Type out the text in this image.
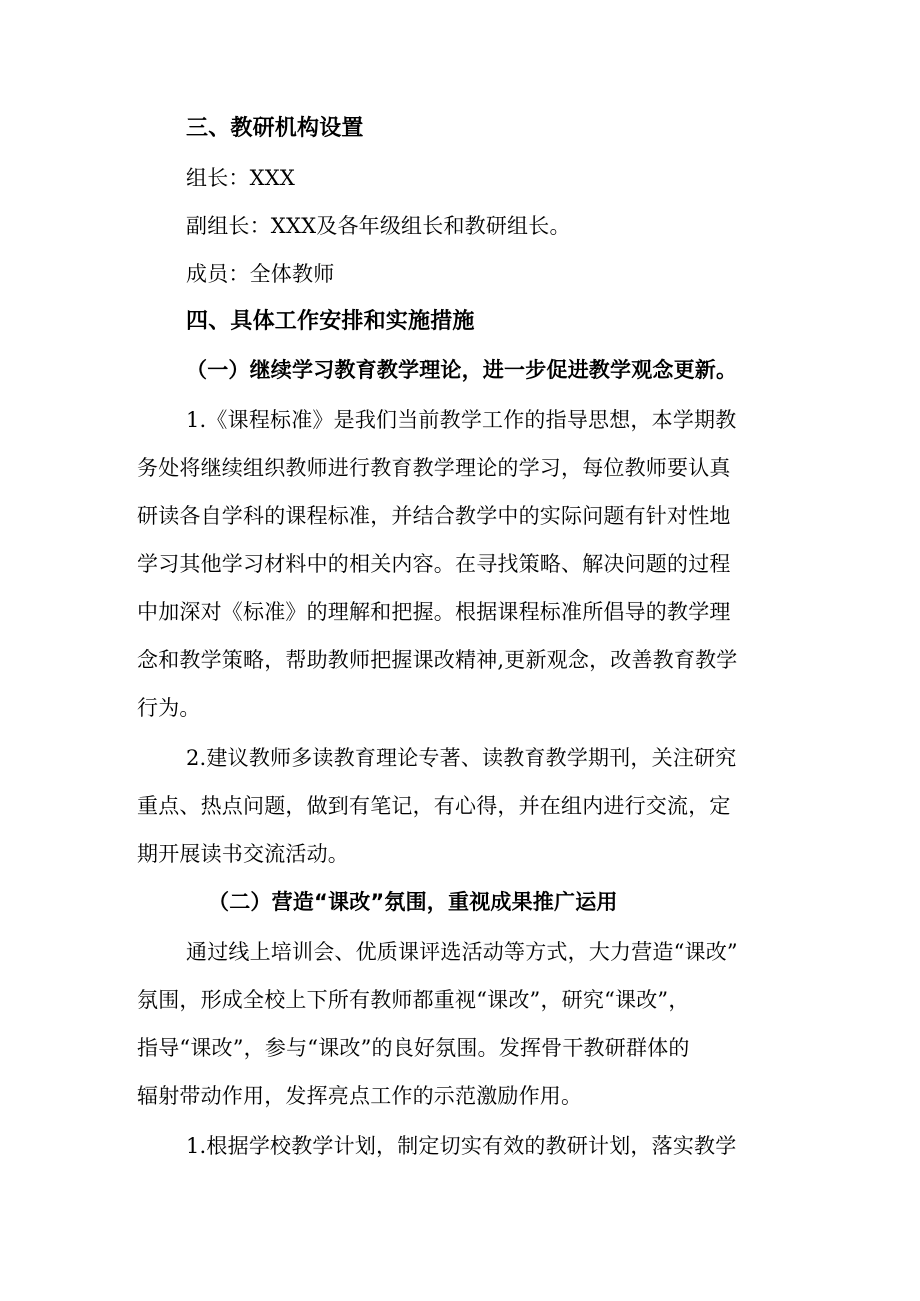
三、教研机构设置
组长：XXX
副组长：XXX及各年级组长和教研组长。
成员：全体教师
四、具体工作安排和实施措施
（一）继续学习教育教学理论，进一步促进教学观念更新。
1.《课程标准》是我们当前教学工作的指导思想，本学期教
务处将继续组织教师进行教育教学理论的学习，每位教师要认真
研读各自学科的课程标准，并结合教学中的实际问题有针对性地
学习其他学习材料中的相关内容。在寻找策略、解决问题的过程
中加深对《标准》的理解和把握。根据课程标准所倡导的教学理
念和教学策略，帮助教师把握课改精神,更新观念，改善教育教学
行为。
2.建议教师多读教育理论专著、读教育教学期刊，关注研究
重点、热点问题，做到有笔记，有心得，并在组内进行交流，定
期开展读书交流活动。
（二）营造“课改”氛围，重视成果推广运用
通过线上培训会、优质课评选活动等方式，大力营造“课改”
氛围，形成全校上下所有教师都重视“课改”，研究“课改”，
指导“课改”，参与“课改”的良好氛围。发挥骨干教研群体的
辐射带动作用，发挥亮点工作的示范激励作用。
1.根据学校教学计划，制定切实有效的教研计划，落实教学
